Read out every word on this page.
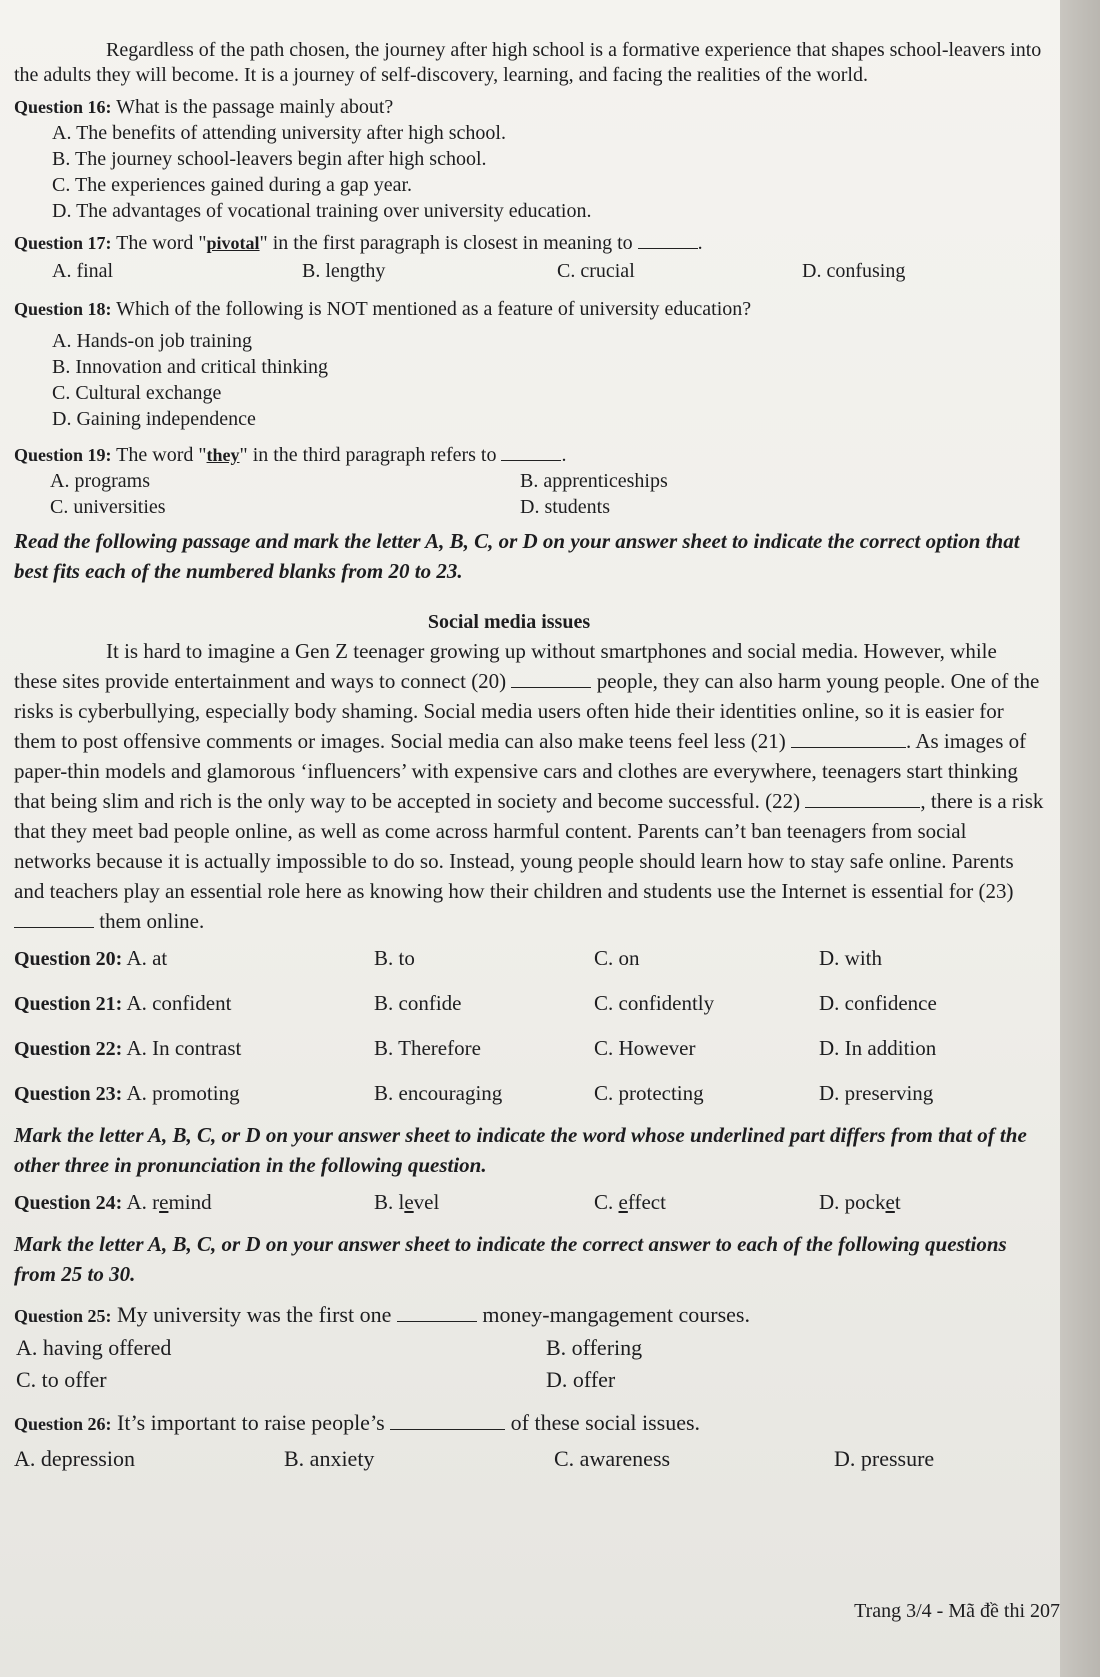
Regardless of the path chosen, the journey after high school is a formative experience that shapes school-leavers into the adults they will become. It is a journey of self-discovery, learning, and facing the realities of the world.

Question 16: What is the passage mainly about?

A. The benefits of attending university after high school.

B. The journey school-leavers begin after high school.

C. The experiences gained during a gap year.

D. The advantages of vocational training over university education.

Question 17: The word "pivotal" in the first paragraph is closest in meaning to	.

A. final	B. lengthy	C. crucial	D. confusing

Question 18: Which of the following is NOT mentioned as a feature of university education?

A. Hands-on job training

B. Innovation and critical thinking

C. Cultural exchange

D. Gaining independence

Question 19: The word "they" in the third paragraph refers to	.

A. programs	B. apprenticeships
C. universities	D. students

Read the following passage and mark the letter A, B, C, or D on your answer sheet to indicate the correct option that best fits each of the numbered blanks from 20 to 23.

Social media issues

It is hard to imagine a Gen Z teenager growing up without smartphones and social media. However, while these sites provide entertainment and ways to connect (20)	people, they can also harm young people. One of the risks is cyberbullying, especially body shaming. Social media users often hide their identities online, so it is easier for them to post offensive comments or images. Social media can also make teens feel less (21)	. As images of paper-thin models and glamorous ‘influencers’ with expensive cars and clothes are everywhere, teenagers start thinking that being slim and rich is the only way to be accepted in society and become successful. (22)	, there is a risk that they meet bad people online, as well as come across harmful content. Parents can’t ban teenagers from social networks because it is actually impossible to do so. Instead, young people should learn how to stay safe online. Parents and teachers play an essential role here as knowing how their children and students use the Internet is essential for (23)  them online.

Question 20: A. at	B. to	C. on	D. with
Question 21: A. confident	B. confide	C. confidently	D. confidence
Question 22: A. In contrast	B. Therefore	C. However	D. In addition
Question 23: A. promoting	B. encouraging	C. protecting	D. preserving

Mark the letter A, B, C, or D on your answer sheet to indicate the word whose underlined part differs from that of the other three in pronunciation in the following question.

Question 24: A. remind	B. level	C. effect	D. pocket

Mark the letter A, B, C, or D on your answer sheet to indicate the correct answer to each of the following questions from 25 to 30.

Question 25: My university was the first one	money-mangagement courses.

A. having offered	B. offering
C. to offer	D. offer

Question 26: It’s important to raise people’s	of these social issues.

A. depression	B. anxiety	C. awareness	D. pressure
Trang 3/4 - Mã đề thi 207
